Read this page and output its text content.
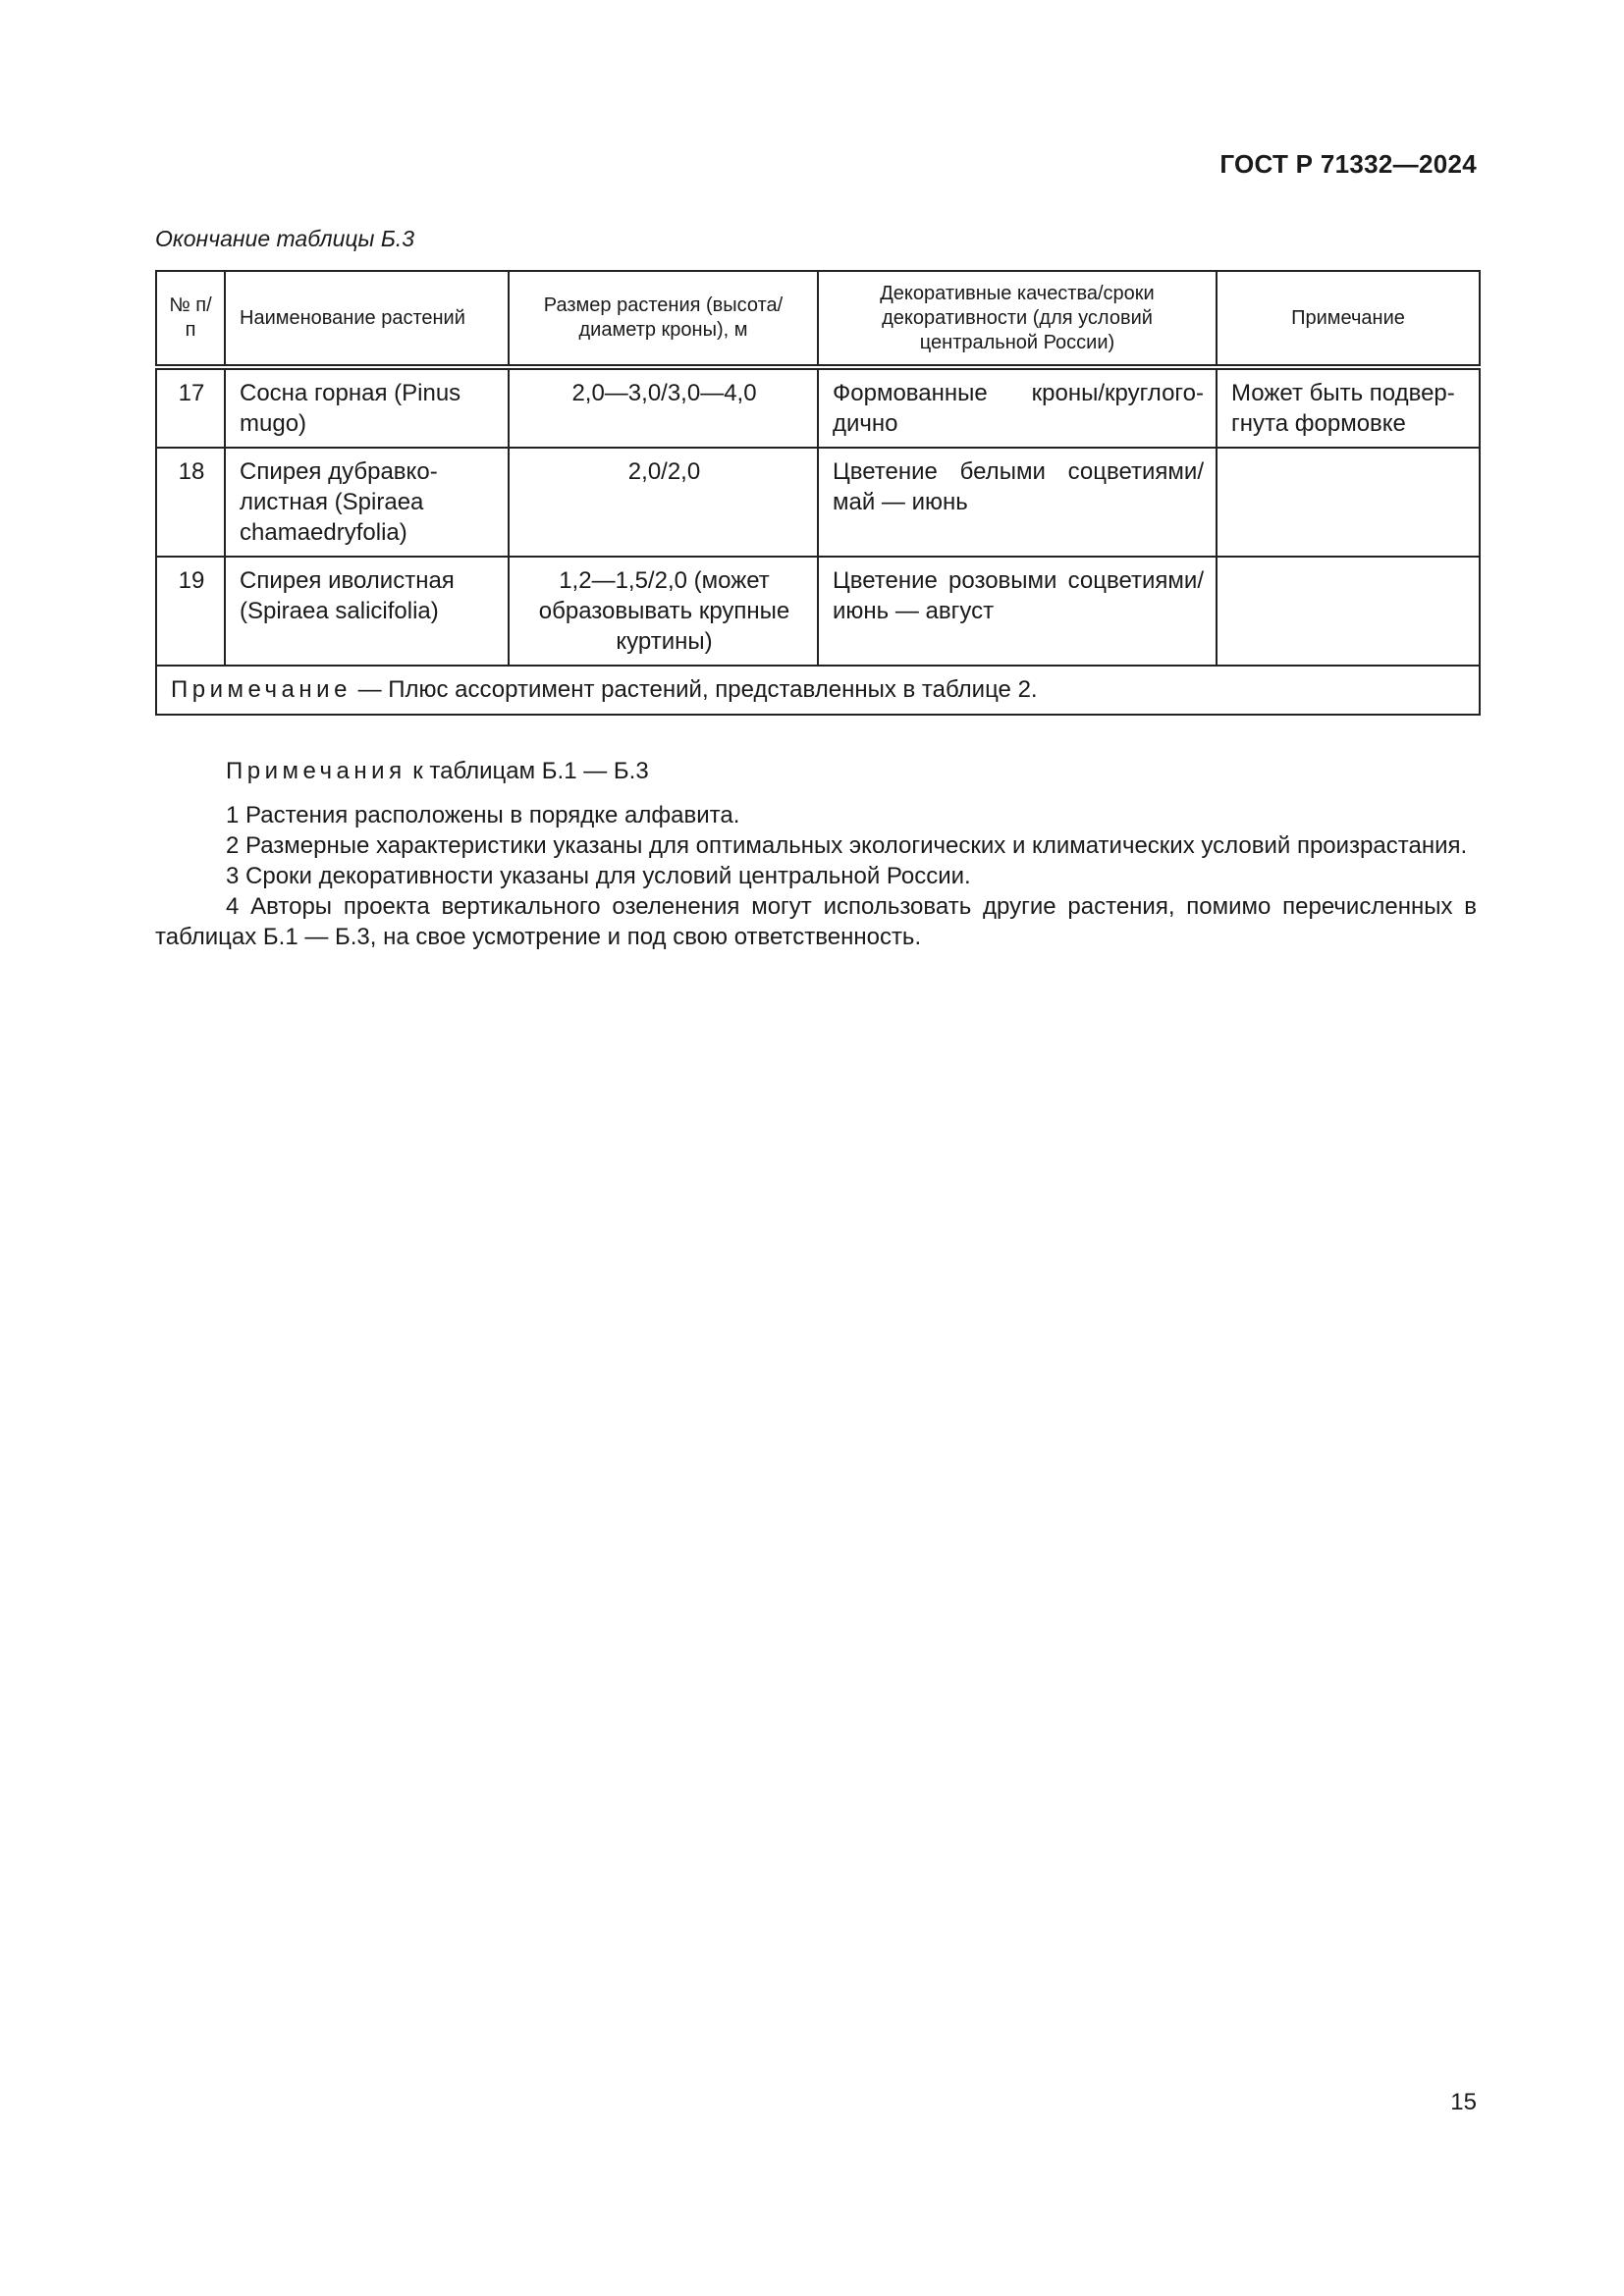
ГОСТ Р 71332—2024
Окончание таблицы Б.3
№ п/п	Наименование растений	Размер растения (высота/диаметр кроны), м	Декоративные качества/сроки декоративности (для условий центральной России)	Примечание
17	Сосна горная (Pinus mugo)	2,0—3,0/3,0—4,0	Формованные кроны/круглогодично	Может быть подвергнута формовке
18	Спирея дубравколистная (Spiraea chamaedryfolia)	2,0/2,0	Цветение белыми соцветиями/май — июнь	
19	Спирея иволистная (Spiraea salicifolia)	1,2—1,5/2,0 (может образовывать крупные куртины)	Цветение розовыми соцветиями/июнь — август	
Примечание — Плюс ассортимент растений, представленных в таблице 2.				
Примечания к таблицам Б.1 — Б.3

1 Растения расположены в порядке алфавита.

2 Размерные характеристики указаны для оптимальных экологических и климатических условий произрастания.

3 Сроки декоративности указаны для условий центральной России.

4 Авторы проекта вертикального озеленения могут использовать другие растения, помимо перечисленных в таблицах Б.1 — Б.3, на свое усмотрение и под свою ответственность.

15
